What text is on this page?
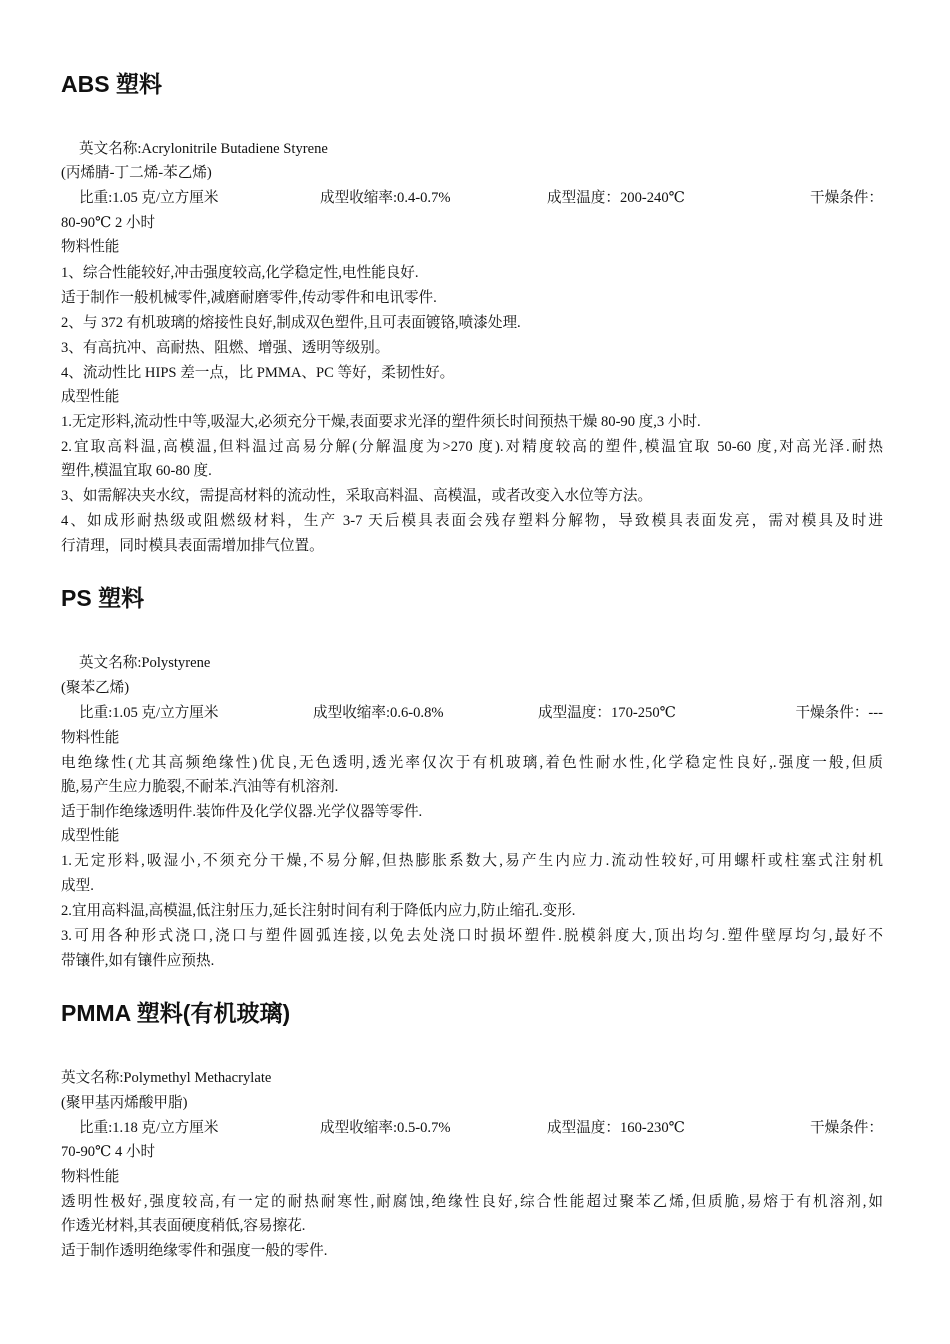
ABS 塑料
英文名称:Acrylonitrile Butadiene Styrene
(丙烯腈-丁二烯-苯乙烯)
比重:1.05 克/立方厘米	成型收缩率:0.4-0.7%	成型温度：200-240℃	干燥条件：
80-90℃ 2 小时
物料性能
1、综合性能较好,冲击强度较高,化学稳定性,电性能良好.
适于制作一般机械零件,减磨耐磨零件,传动零件和电讯零件.
2、与 372 有机玻璃的熔接性良好,制成双色塑件,且可表面镀铬,喷漆处理.
3、有高抗冲、高耐热、阻燃、增强、透明等级别。
4、流动性比 HIPS 差一点，比 PMMA、PC 等好，柔韧性好。
成型性能
1.无定形料,流动性中等,吸湿大,必须充分干燥,表面要求光泽的塑件须长时间预热干燥 80-90 度,3 小时.
2.宜取高料温,高模温,但料温过高易分解(分解温度为>270 度).对精度较高的塑件,模温宜取 50-60 度,对高光泽.耐热
塑件,模温宜取 60-80 度.
3、如需解决夹水纹，需提高材料的流动性，采取高料温、高模温，或者改变入水位等方法。
4、如成形耐热级或阻燃级材料，生产 3-7 天后模具表面会残存塑料分解物，导致模具表面发亮，需对模具及时进
行清理，同时模具表面需增加排气位置。
PS 塑料
英文名称:Polystyrene
(聚苯乙烯)
比重:1.05 克/立方厘米	成型收缩率:0.6-0.8%	成型温度：170-250℃	干燥条件：---
物料性能
电绝缘性(尤其高频绝缘性)优良,无色透明,透光率仅次于有机玻璃,着色性耐水性,化学稳定性良好,.强度一般,但质
脆,易产生应力脆裂,不耐苯.汽油等有机溶剂.
适于制作绝缘透明件.装饰件及化学仪器.光学仪器等零件.
成型性能
1.无定形料,吸湿小,不须充分干燥,不易分解,但热膨胀系数大,易产生内应力.流动性较好,可用螺杆或柱塞式注射机
成型.
2.宜用高料温,高模温,低注射压力,延长注射时间有利于降低内应力,防止缩孔.变形.
3.可用各种形式浇口,浇口与塑件圆弧连接,以免去处浇口时损坏塑件.脱模斜度大,顶出均匀.塑件壁厚均匀,最好不
带镶件,如有镶件应预热.
PMMA 塑料(有机玻璃)
英文名称:Polymethyl Methacrylate
(聚甲基丙烯酸甲脂)
比重:1.18 克/立方厘米	成型收缩率:0.5-0.7%	成型温度：160-230℃	干燥条件：
70-90℃ 4 小时
物料性能
透明性极好,强度较高,有一定的耐热耐寒性,耐腐蚀,绝缘性良好,综合性能超过聚苯乙烯,但质脆,易熔于有机溶剂,如
作透光材料,其表面硬度稍低,容易擦花.
适于制作透明绝缘零件和强度一般的零件.
